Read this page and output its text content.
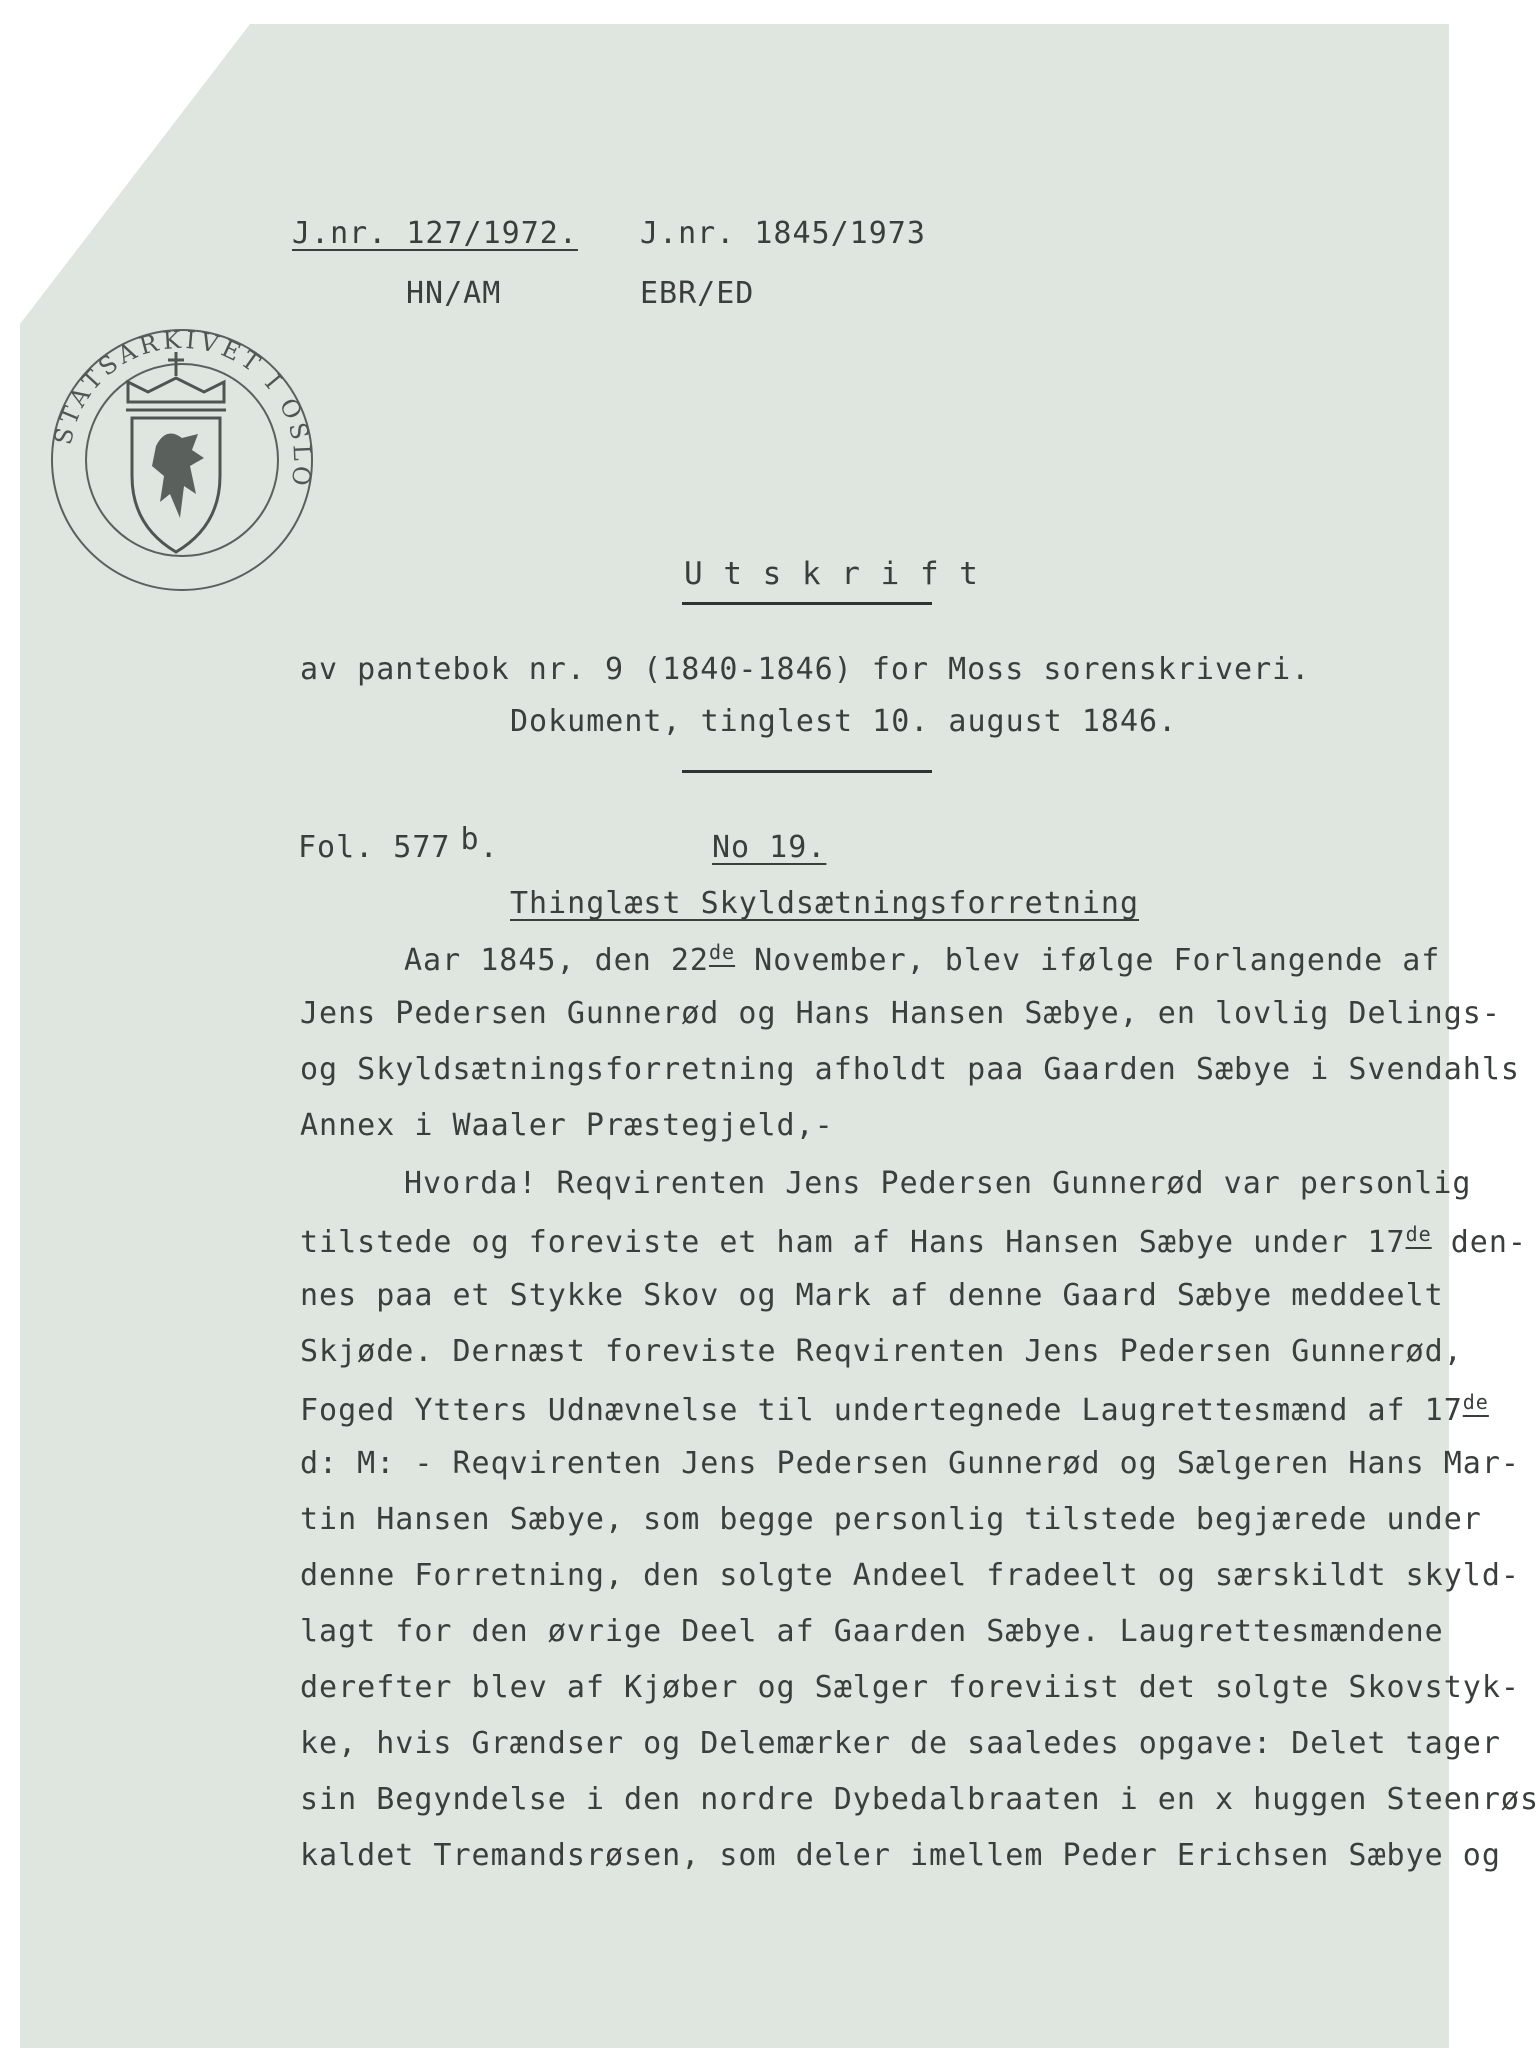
J.nr. 127/1972. J.nr. 1845/1973
HN/AM	EBR/ED
STATSARKIVET I OSLO
U t s k r i f t
av pantebok nr. 9 (1840-1846) for Moss sorenskriveri.
Dokument, tinglest 10. august 1846.
Fol. 577 b.	No 19.
Thinglæst Skyldsætningsforretning
Aar 1845, den 22de November, blev ifølge Forlangende af
Jens Pedersen Gunnerød og Hans Hansen Sæbye, en lovlig Delings-
og Skyldsætningsforretning afholdt paa Gaarden Sæbye i Svendahls
Annex i Waaler Præstegjeld,-
Hvorda! Reqvirenten Jens Pedersen Gunnerød var personlig
tilstede og foreviste et ham af Hans Hansen Sæbye under 17de den-
nes paa et Stykke Skov og Mark af denne Gaard Sæbye meddeelt
Skjøde. Dernæst foreviste Reqvirenten Jens Pedersen Gunnerød,
Foged Ytters Udnævnelse til undertegnede Laugrettesmænd af 17de
d: M: - Reqvirenten Jens Pedersen Gunnerød og Sælgeren Hans Mar-
tin Hansen Sæbye, som begge personlig tilstede begjærede under
denne Forretning, den solgte Andeel fradeelt og særskildt skyld-
lagt for den øvrige Deel af Gaarden Sæbye. Laugrettesmændene
derefter blev af Kjøber og Sælger foreviist det solgte Skovstyk-
ke, hvis Grændser og Delemærker de saaledes opgave: Delet tager
sin Begyndelse i den nordre Dybedalbraaten i en x huggen Steenrøs
kaldet Tremandsrøsen, som deler imellem Peder Erichsen Sæbye og
